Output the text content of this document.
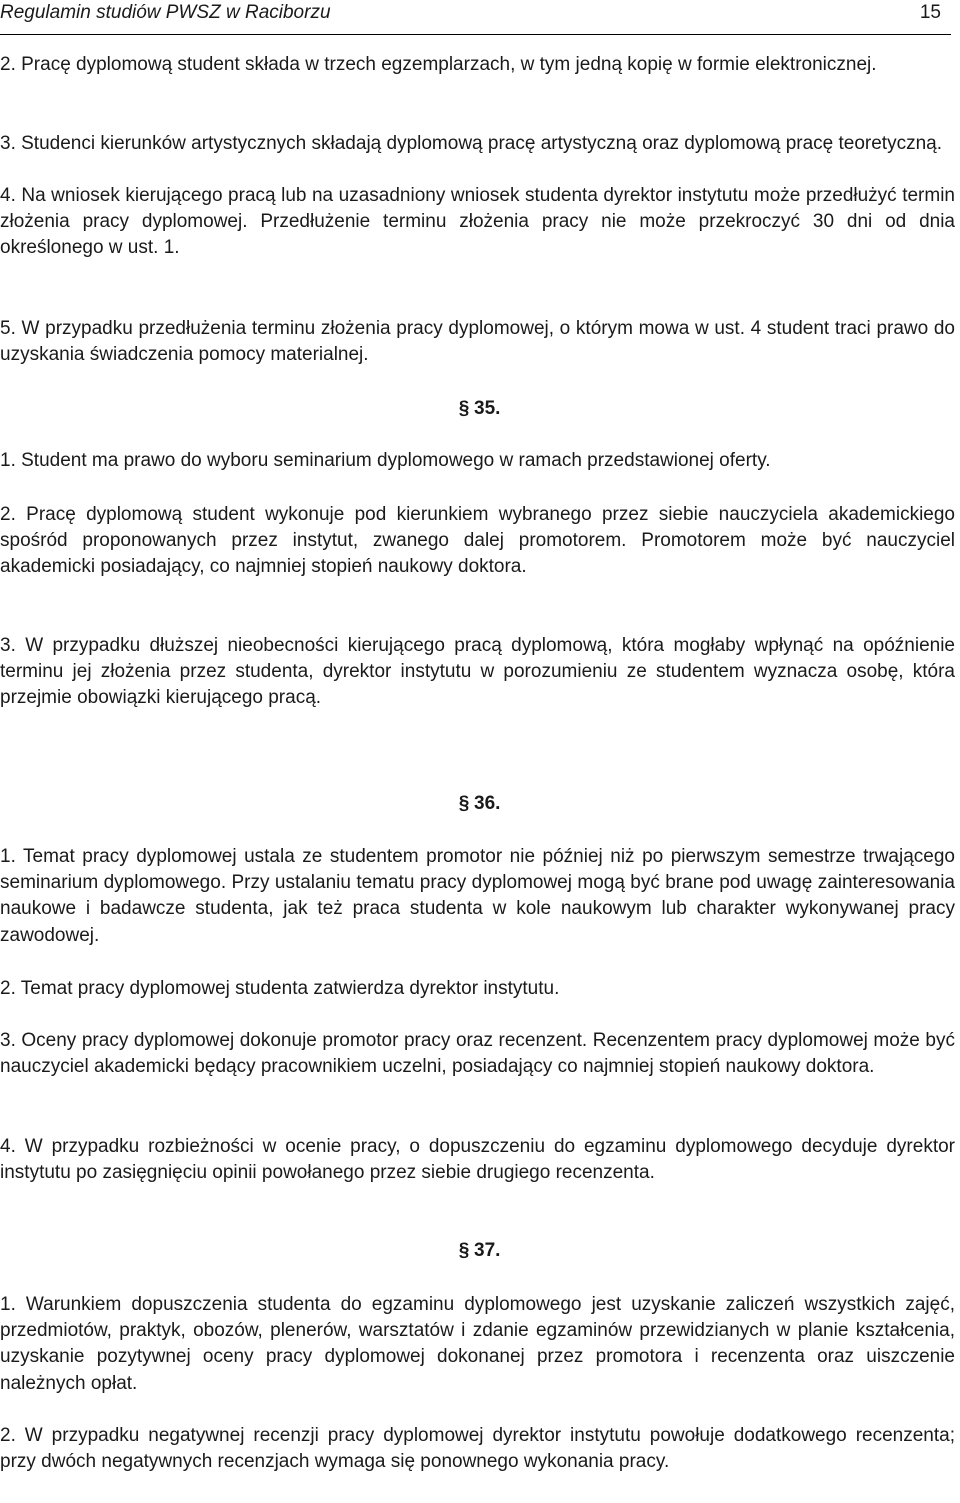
Regulamin studiów PWSZ w Raciborzu	15

2. Pracę dyplomową student składa w trzech egzemplarzach, w tym jedną kopię w formie elektronicznej.

3. Studenci kierunków artystycznych składają dyplomową pracę artystyczną oraz dyplomową pracę teoretyczną.

4. Na wniosek kierującego pracą lub na uzasadniony wniosek studenta dyrektor instytutu może przedłużyć termin złożenia pracy dyplomowej. Przedłużenie terminu złożenia pracy nie może przekroczyć 30 dni od dnia określonego w ust. 1.

5. W przypadku przedłużenia terminu złożenia pracy dyplomowej, o którym mowa w ust. 4 student traci prawo do uzyskania świadczenia pomocy materialnej.

§ 35.

1. Student ma prawo do wyboru seminarium dyplomowego w ramach przedstawionej oferty.

2. Pracę dyplomową student wykonuje pod kierunkiem wybranego przez siebie nauczyciela akademickiego spośród proponowanych przez instytut, zwanego dalej promotorem. Promotorem może być nauczyciel akademicki posiadający, co najmniej stopień naukowy doktora.

3. W przypadku dłuższej nieobecności kierującego pracą dyplomową, która mogłaby wpłynąć na opóźnienie terminu jej złożenia przez studenta, dyrektor instytutu w porozumieniu ze studentem wyznacza osobę, która przejmie obowiązki kierującego pracą.

§ 36.

1. Temat pracy dyplomowej ustala ze studentem promotor nie później niż po pierwszym semestrze trwającego seminarium dyplomowego. Przy ustalaniu tematu pracy dyplomowej mogą być brane pod uwagę zainteresowania naukowe i badawcze studenta, jak też praca studenta w kole naukowym lub charakter wykonywanej pracy zawodowej.

2. Temat pracy dyplomowej studenta zatwierdza dyrektor instytutu.

3. Oceny pracy dyplomowej dokonuje promotor pracy oraz recenzent. Recenzentem pracy dyplomowej może być nauczyciel akademicki będący pracownikiem uczelni, posiadający co najmniej stopień naukowy doktora.

4. W przypadku rozbieżności w ocenie pracy, o dopuszczeniu do egzaminu dyplomowego decyduje dyrektor instytutu po zasięgnięciu opinii powołanego przez siebie drugiego recenzenta.

§ 37.

1. Warunkiem dopuszczenia studenta do egzaminu dyplomowego jest uzyskanie zaliczeń wszystkich zajęć, przedmiotów, praktyk, obozów, plenerów, warsztatów i zdanie egzaminów przewidzianych w planie kształcenia, uzyskanie pozytywnej oceny pracy dyplomowej dokonanej przez promotora i recenzenta oraz uiszczenie należnych opłat.

2. W przypadku negatywnej recenzji pracy dyplomowej dyrektor instytutu powołuje dodatkowego recenzenta; przy dwóch negatywnych recenzjach wymaga się ponownego wykonania pracy.
